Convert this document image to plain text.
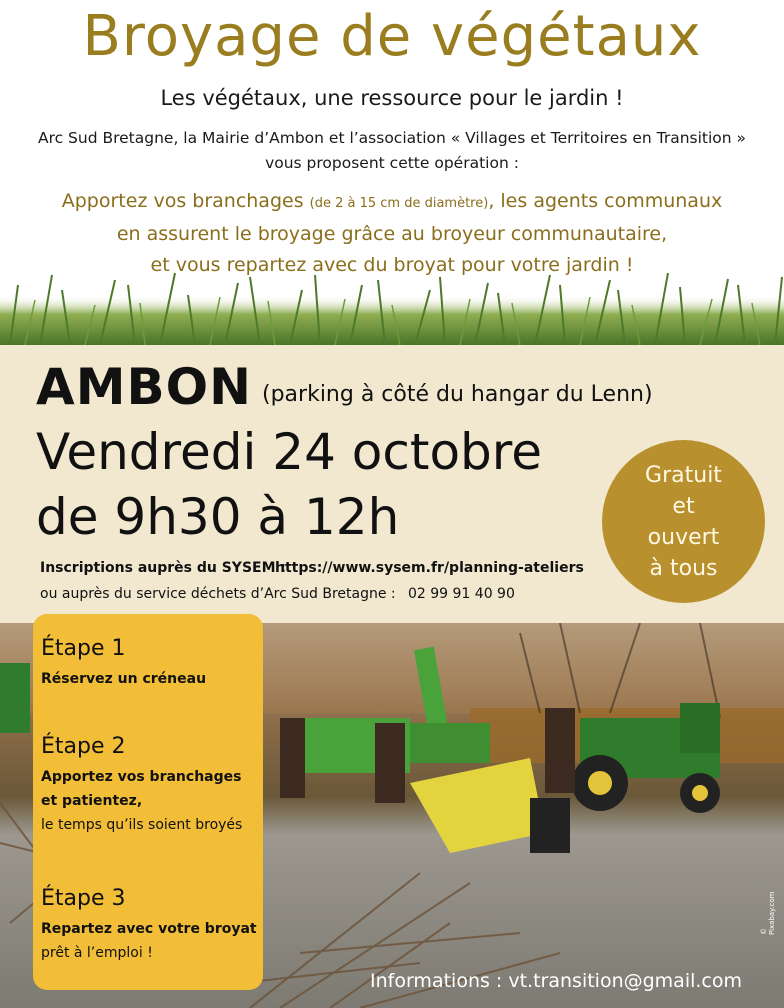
Broyage de végétaux
Les végétaux, une ressource pour le jardin !
Arc Sud Bretagne, la Mairie d’Ambon et l’association « Villages et Territoires en Transition »
vous proposent cette opération :
Apportez vos branchages (de 2 à 15 cm de diamètre), les agents communaux
en assurent le broyage grâce au broyeur communautaire,
et vous repartez avec du broyat pour votre jardin !
AMBON (parking à côté du hangar du Lenn)
Vendredi 24 octobre
de 9h30 à 12h
Gratuit
et
ouvert
à tous
Inscriptions auprès du SYSEM :
https://www.sysem.fr/planning-ateliers
ou auprès du service déchets d’Arc Sud Bretagne : 02 99 91 40 90
Étape 1
Réservez un créneau
Étape 2
Apportez vos branchages et patientez,
le temps qu’ils soient broyés
Étape 3
Repartez avec votre broyat
prêt à l’emploi !
Informations : vt.transition@gmail.com
© Pixabay.com
